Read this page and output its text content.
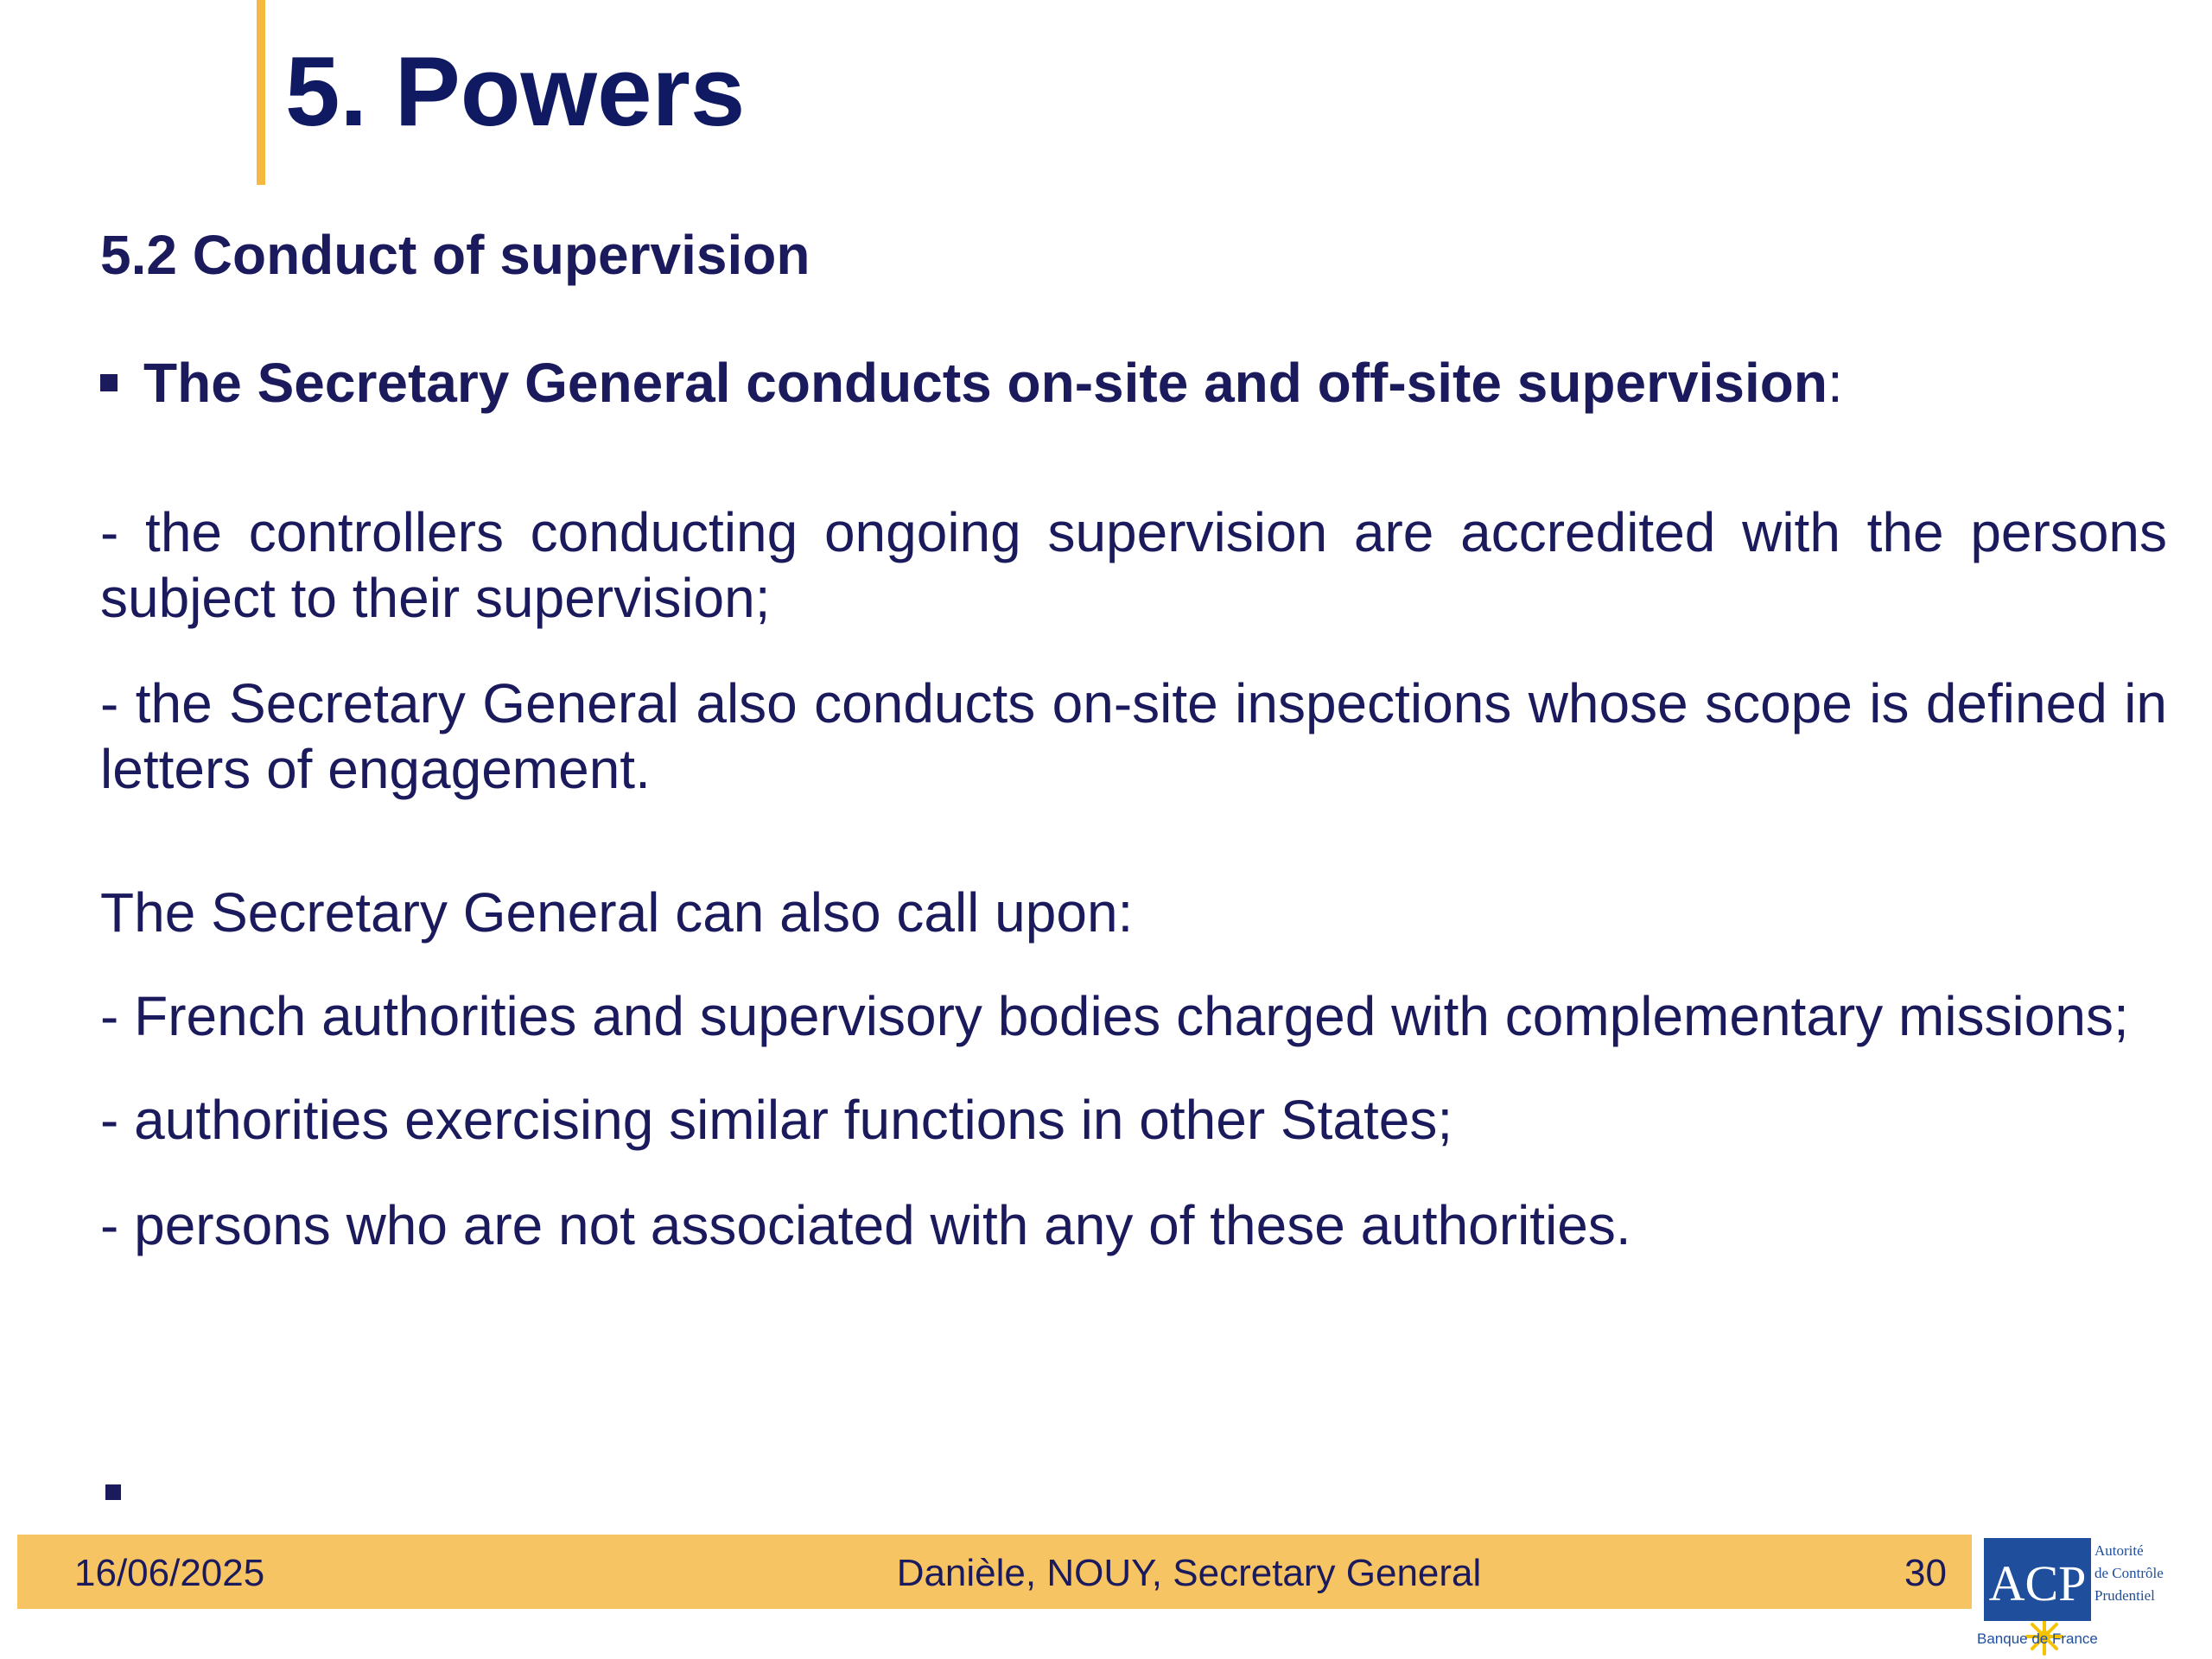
5. Powers
5.2 Conduct of supervision

The Secretary General conducts on-site and off-site supervision :

- the controllers conducting ongoing supervision are accredited with the persons subject to their supervision;

- the Secretary General also conducts on-site inspections whose scope is defined in letters of engagement.

The Secretary General can also call upon:

- French authorities and supervisory bodies charged with complementary missions;

- authorities exercising similar functions in other States;

- persons who are not associated with any of these authorities.

16/06/2025	Danièle, NOUY, Secretary General	30 ACP
Autorité
de Contrôle
Prudentiel
Banque de France
